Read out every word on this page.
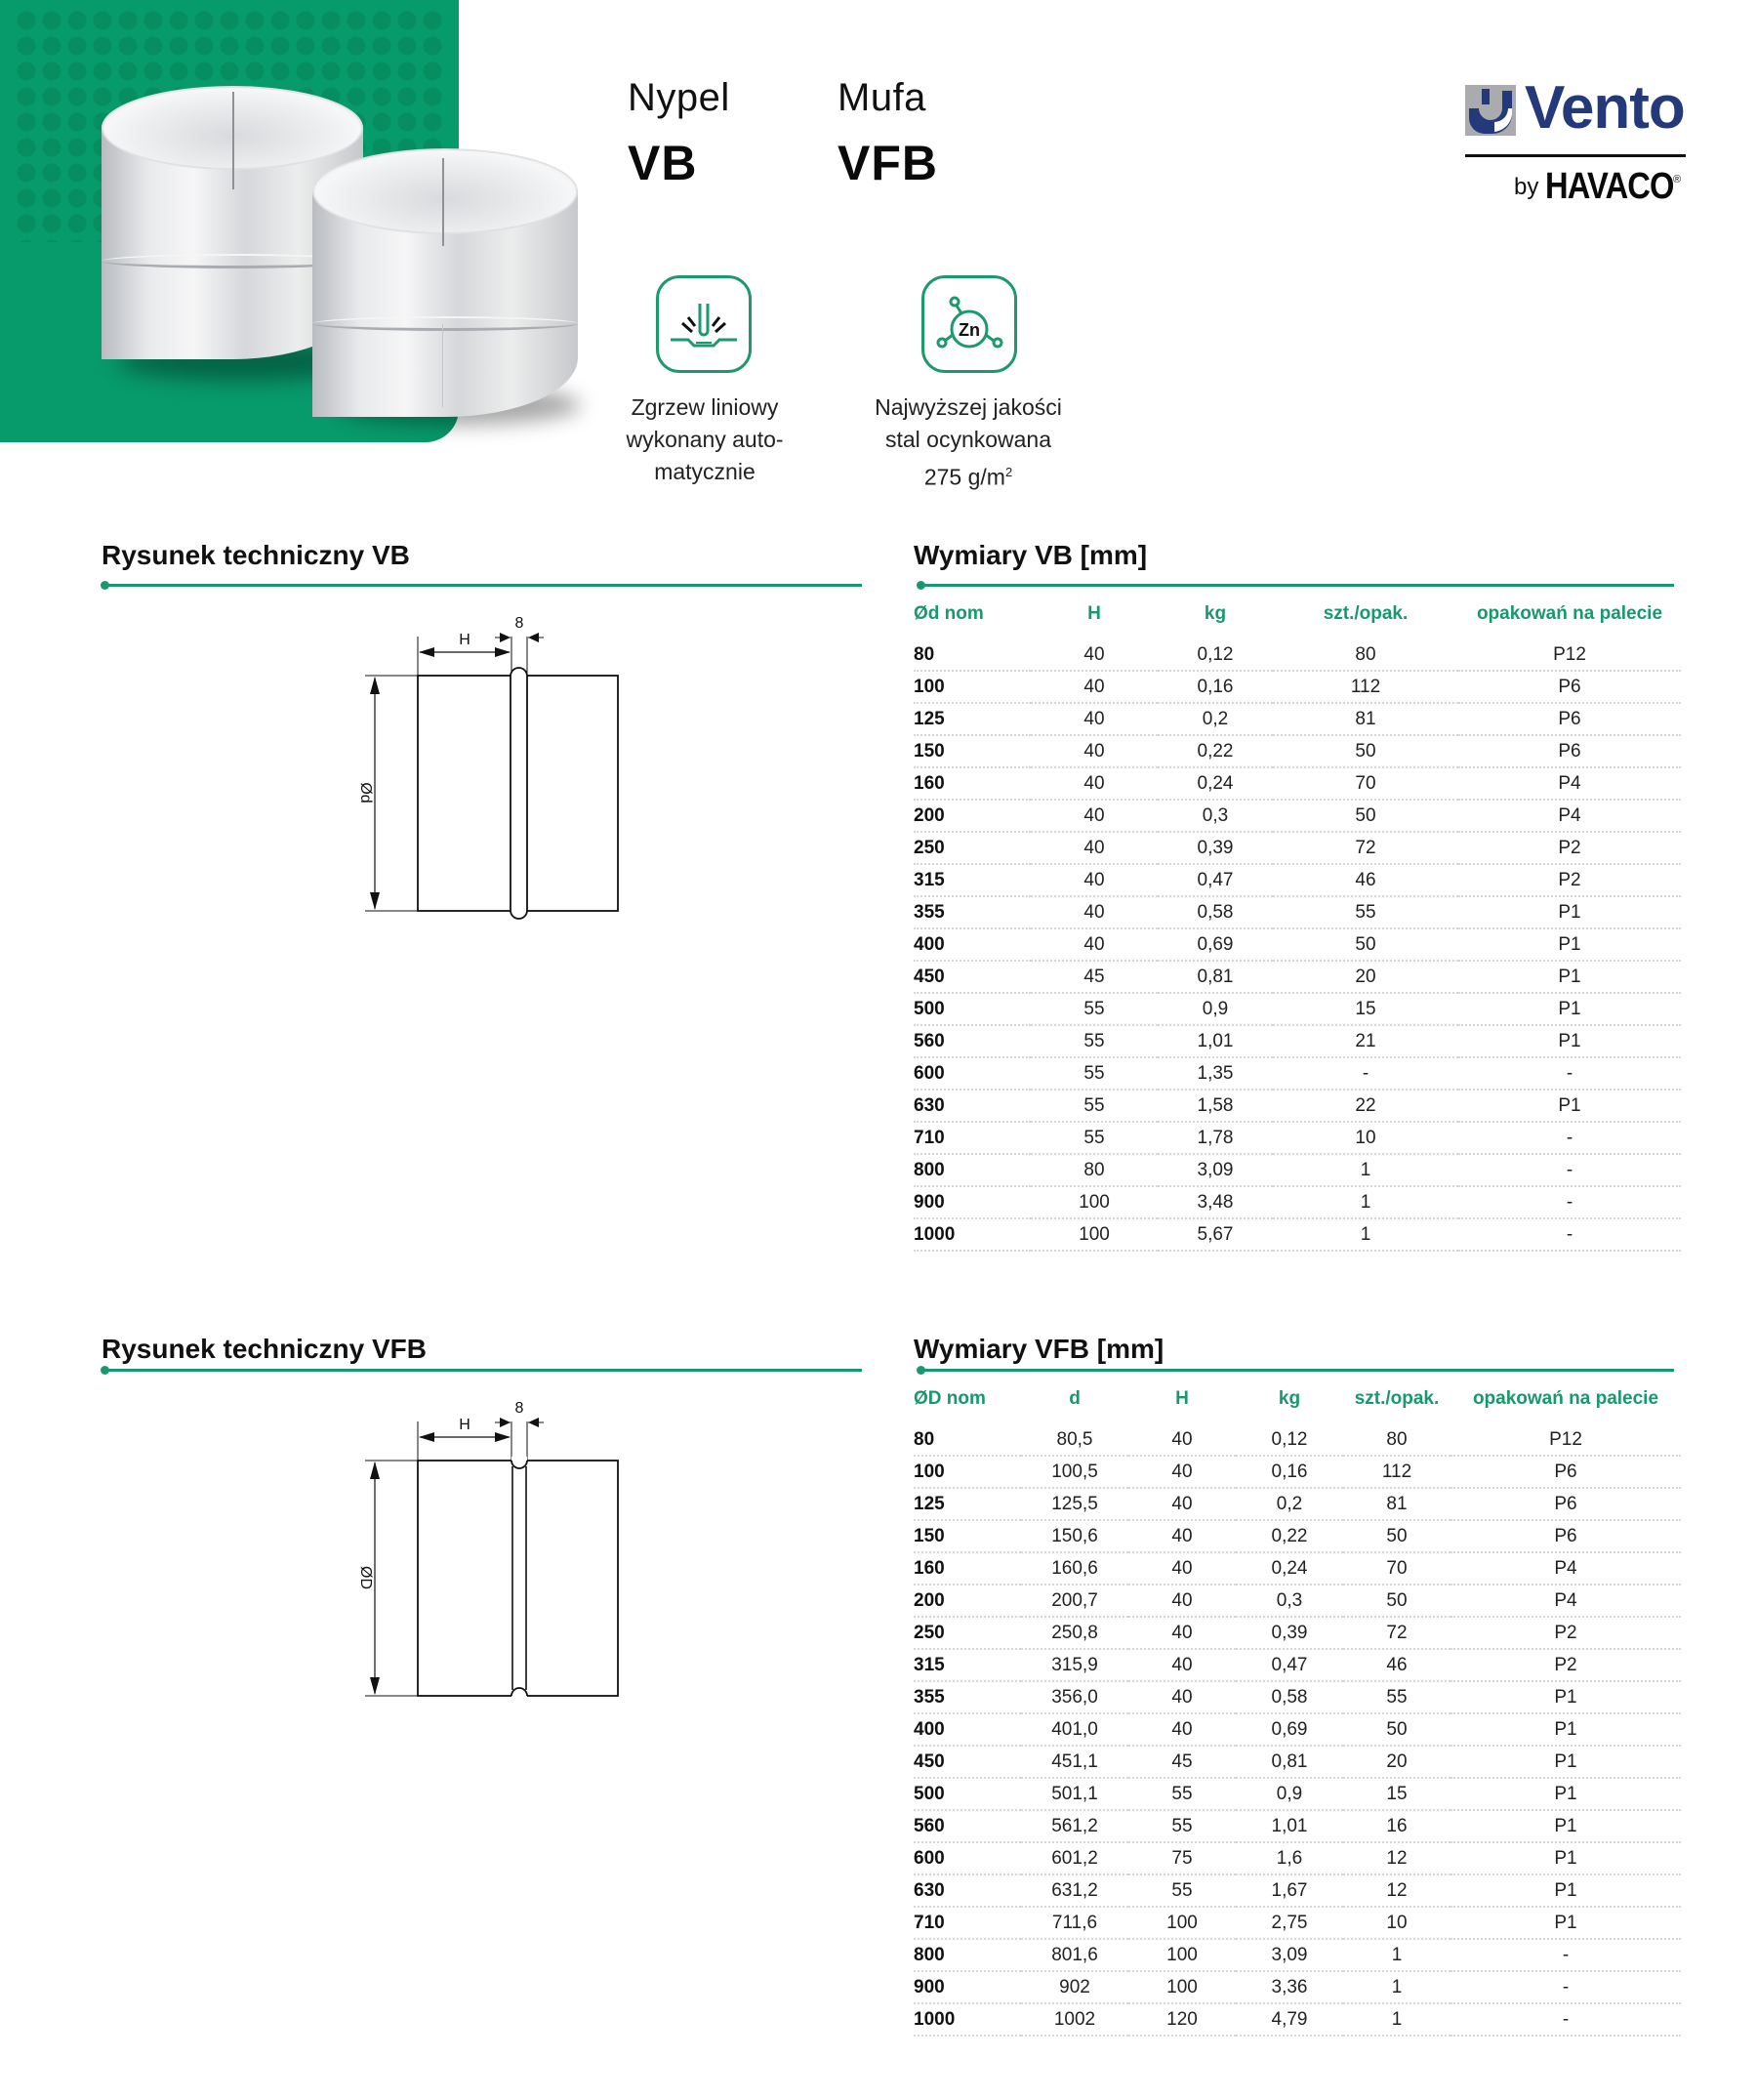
Nypel
VB
Mufa
VFB
Vento
by HAVACO ®
Zgrzew liniowy
wykonany auto-
matycznie
Zn
Najwyższej jakości
stal ocynkowana
275 $g/m^2$
Rysunek techniczny VB	Wymiary VB [mm]
H
8
Ød
Ød nom	H	kg	szt./opak.	opakowań na palecie
80	40	0,12	80	P12
100	40	0,16	112	P6
125	40	0,2	81	P6
150	40	0,22	50	P6
160	40	0,24	70	P4
200	40	0,3	50	P4
250	40	0,39	72	P2
315	40	0,47	46	P2
355	40	0,58	55	P1
400	40	0,69	50	P1
450	45	0,81	20	P1
500	55	0,9	15	P1
560	55	1,01	21	P1
600	55	1,35	-	-
630	55	1,58	22	P1
710	55	1,78	10	-
800	80	3,09	1	-
900	100	3,48	1	-
1000	100	5,67	1	-
Rysunek techniczny VFB	Wymiary VFB [mm]
H
8
ØD
ØD nom	d	H	kg	szt./opak.	opakowań na palecie
80	80,5	40	0,12	80	P12
100	100,5	40	0,16	112	P6
125	125,5	40	0,2	81	P6
150	150,6	40	0,22	50	P6
160	160,6	40	0,24	70	P4
200	200,7	40	0,3	50	P4
250	250,8	40	0,39	72	P2
315	315,9	40	0,47	46	P2
355	356,0	40	0,58	55	P1
400	401,0	40	0,69	50	P1
450	451,1	45	0,81	20	P1
500	501,1	55	0,9	15	P1
560	561,2	55	1,01	16	P1
600	601,2	75	1,6	12	P1
630	631,2	55	1,67	12	P1
710	711,6	100	2,75	10	P1
800	801,6	100	3,09	1	-
900	902	100	3,36	1	-
1000	1002	120	4,79	1	-
